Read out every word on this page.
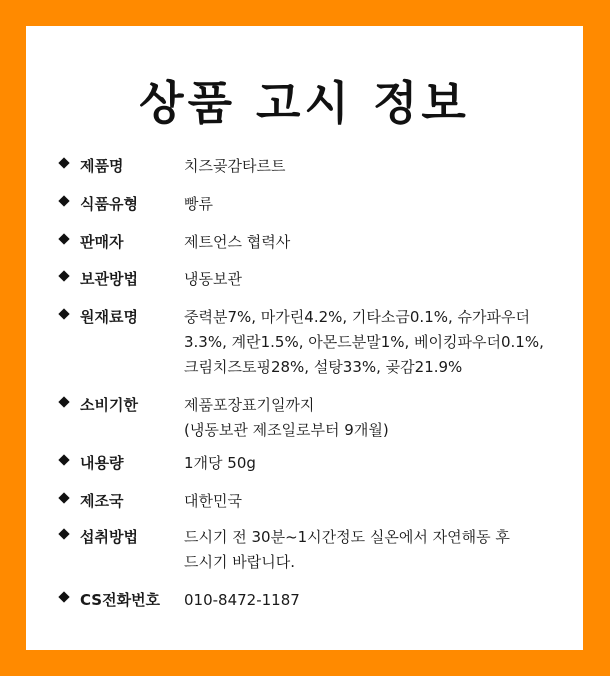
상품 고시 정보
제품명	치즈곶감타르트
식품유형	빵류
판매자	제트언스 협력사
보관방법	냉동보관
원재료명	중력분7%, 마가린4.2%, 기타소금0.1%, 슈가파우더
3.3%, 계란1.5%, 아몬드분말1%, 베이킹파우더0.1%,
크림치즈토핑28%, 설탕33%, 곶감21.9%
소비기한	제품포장표기일까지
(냉동보관 제조일로부터 9개월)
내용량	1개당 50g
제조국	대한민국
섭취방법	드시기 전 30분~1시간정도 실온에서 자연해동 후
드시기 바랍니다.
CS전화번호 010-8472-1187
